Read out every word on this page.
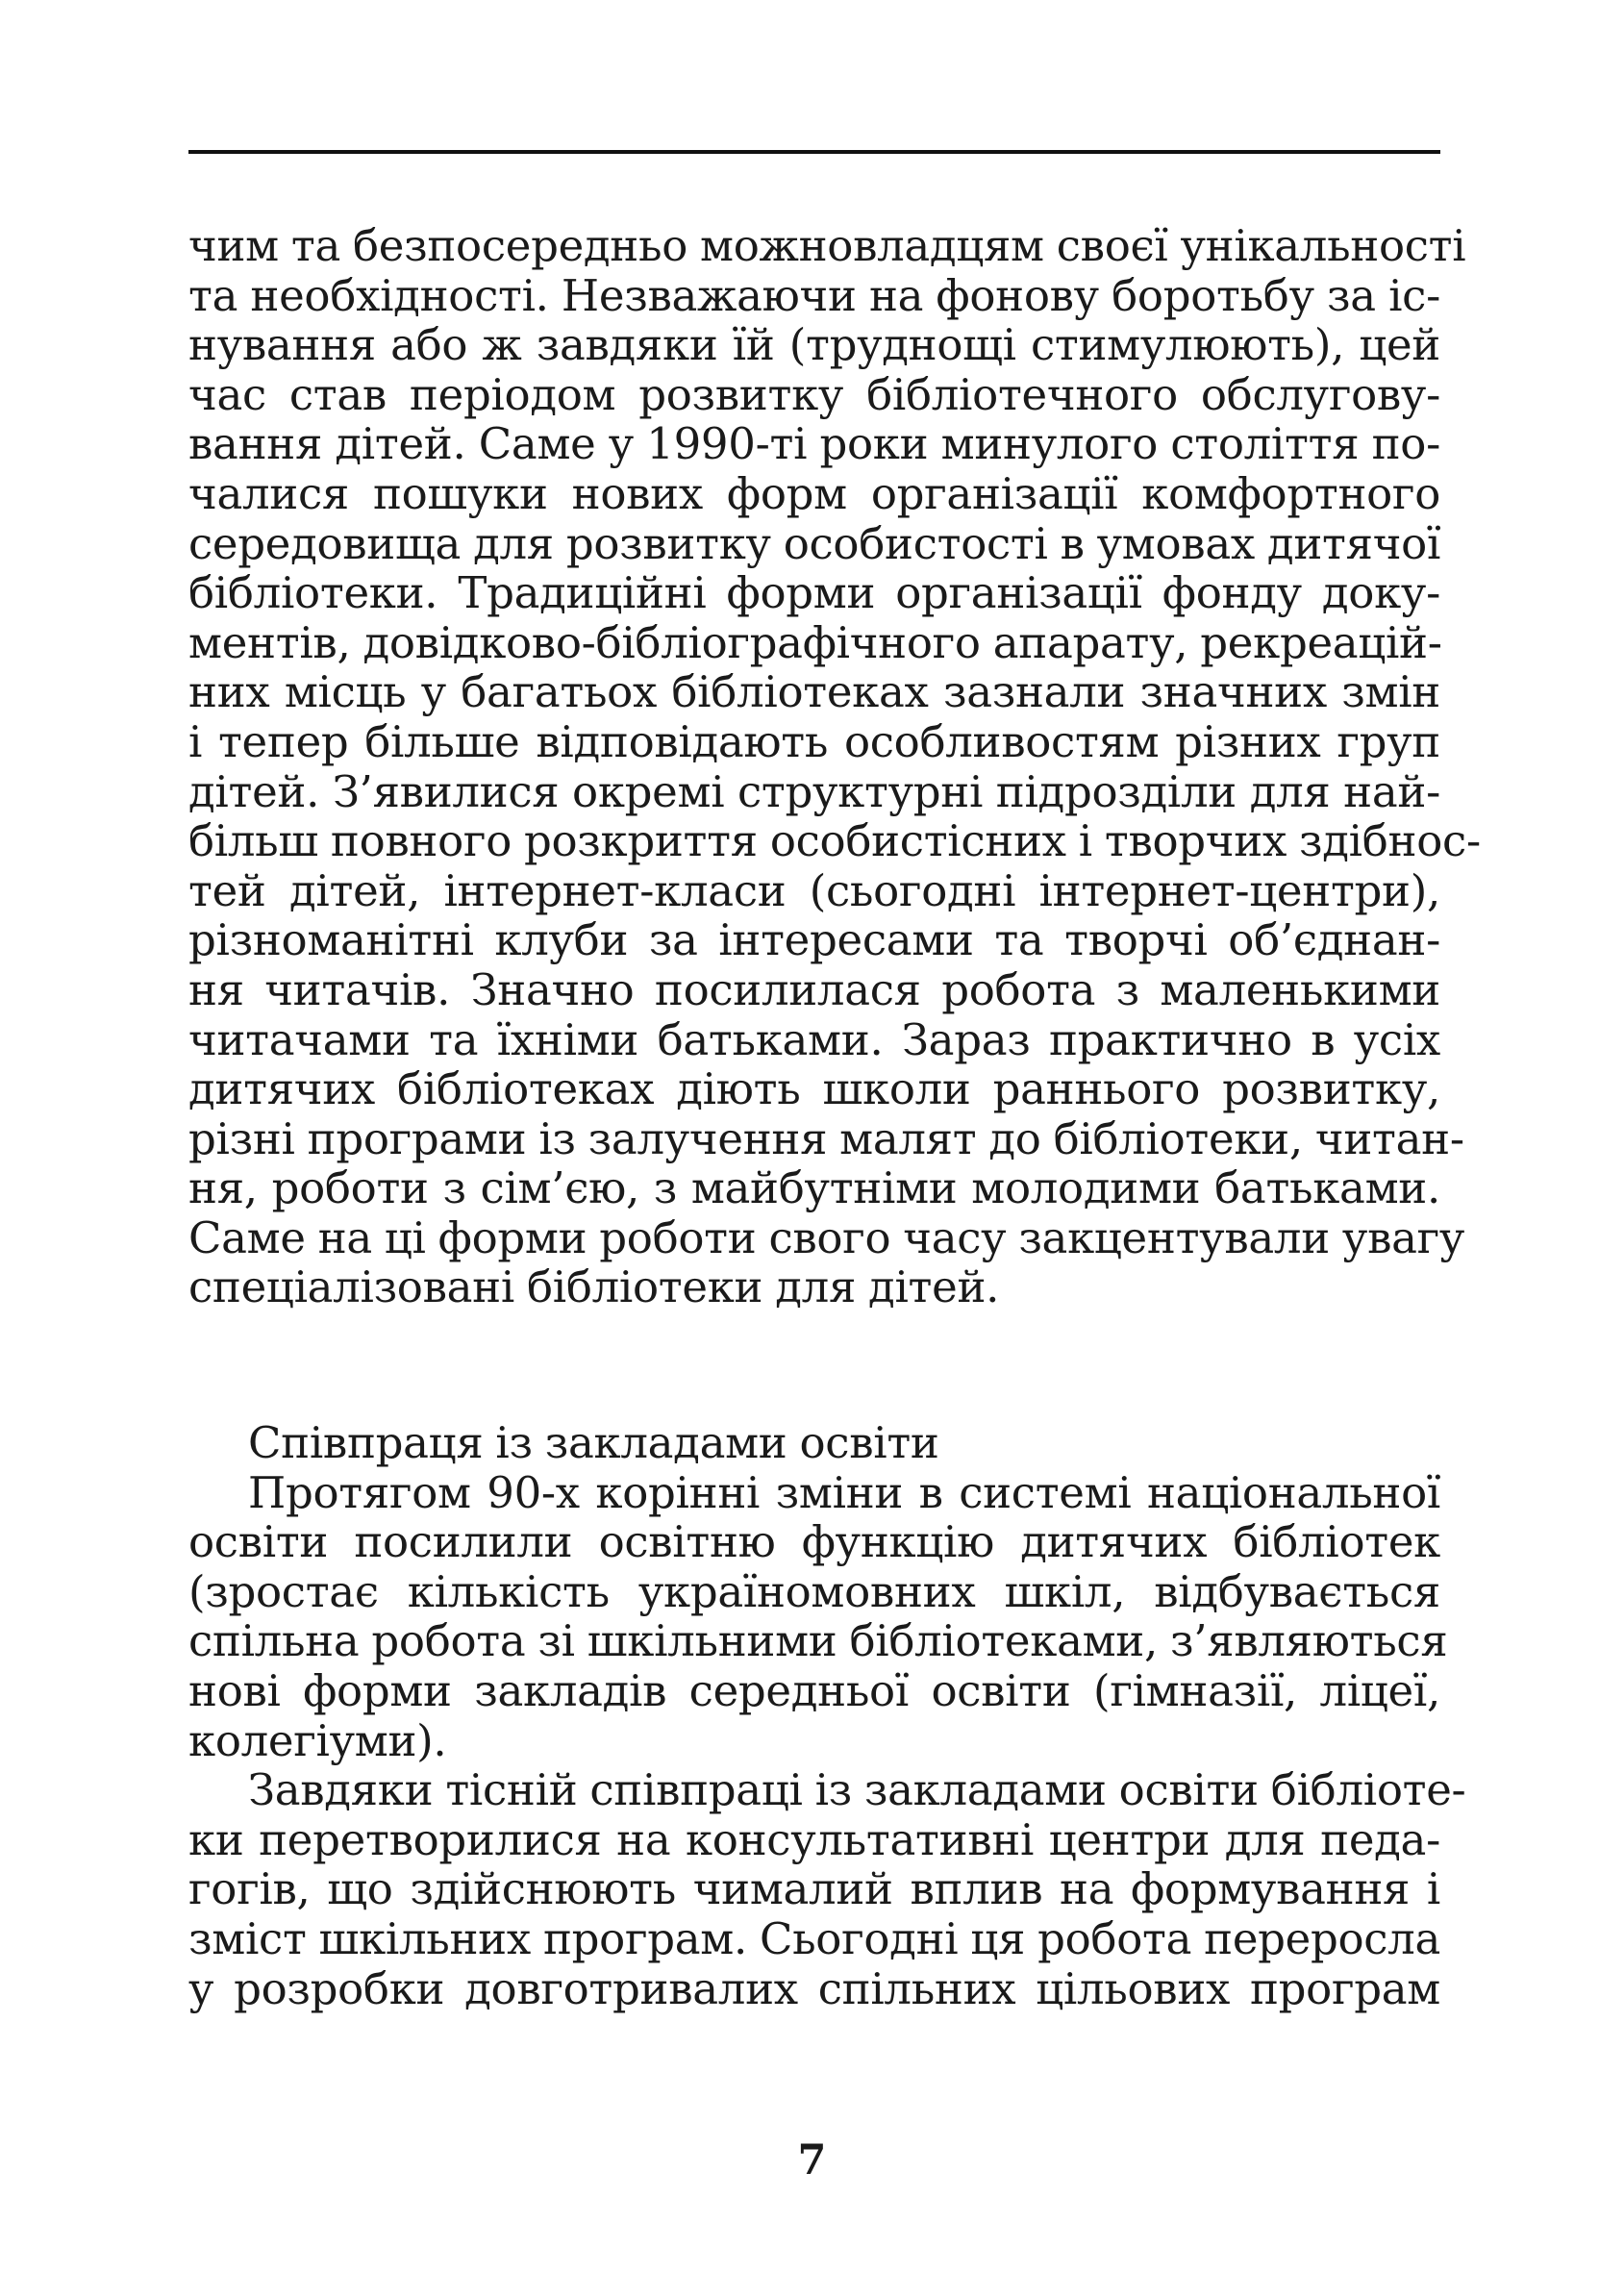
чим та безпосередньо можновладцям своєї унікальності
та необхідності. Незважаючи на фонову боротьбу за іс-
нування або ж завдяки їй (труднощі стимулюють), цей
час став періодом розвитку бібліотечного обслугову-
вання дітей. Саме у 1990-ті роки минулого століття по-
чалися пошуки нових форм організації комфортного
середовища для розвитку особистості в умовах дитячої
бібліотеки. Традиційні форми організації фонду доку-
ментів, довідково-бібліографічного апарату, рекреацій-
них місць у багатьох бібліотеках зазнали значних змін
і тепер більше відповідають особливостям різних груп
дітей. З’явилися окремі структурні підрозділи для най-
більш повного розкриття особистісних і творчих здібнос-
тей дітей, інтернет-класи (сьогодні інтернет-центри),
різноманітні клуби за інтересами та творчі об’єднан-
ня читачів. Значно посилилася робота з маленькими
читачами та їхніми батьками. Зараз практично в усіх
дитячих бібліотеках діють школи раннього розвитку,
різні програми із залучення малят до бібліотеки, читан-
ня, роботи з сім’єю, з майбутніми молодими батьками.
Саме на ці форми роботи свого часу закцентували увагу
спеціалізовані бібліотеки для дітей.
Співпраця із закладами освіти
Протягом 90-х корінні зміни в системі національної
освіти посилили освітню функцію дитячих бібліотек
(зростає кількість україномовних шкіл, відбувається
спільна робота зі шкільними бібліотеками, з’являються
нові форми закладів середньої освіти (гімназії, ліцеї,
колегіуми).
Завдяки тісній співпраці із закладами освіти бібліоте-
ки перетворилися на консультативні центри для педа-
гогів, що здійснюють чималий вплив на формування і
зміст шкільних програм. Сьогодні ця робота переросла
у розробки довготривалих спільних цільових програм
7
